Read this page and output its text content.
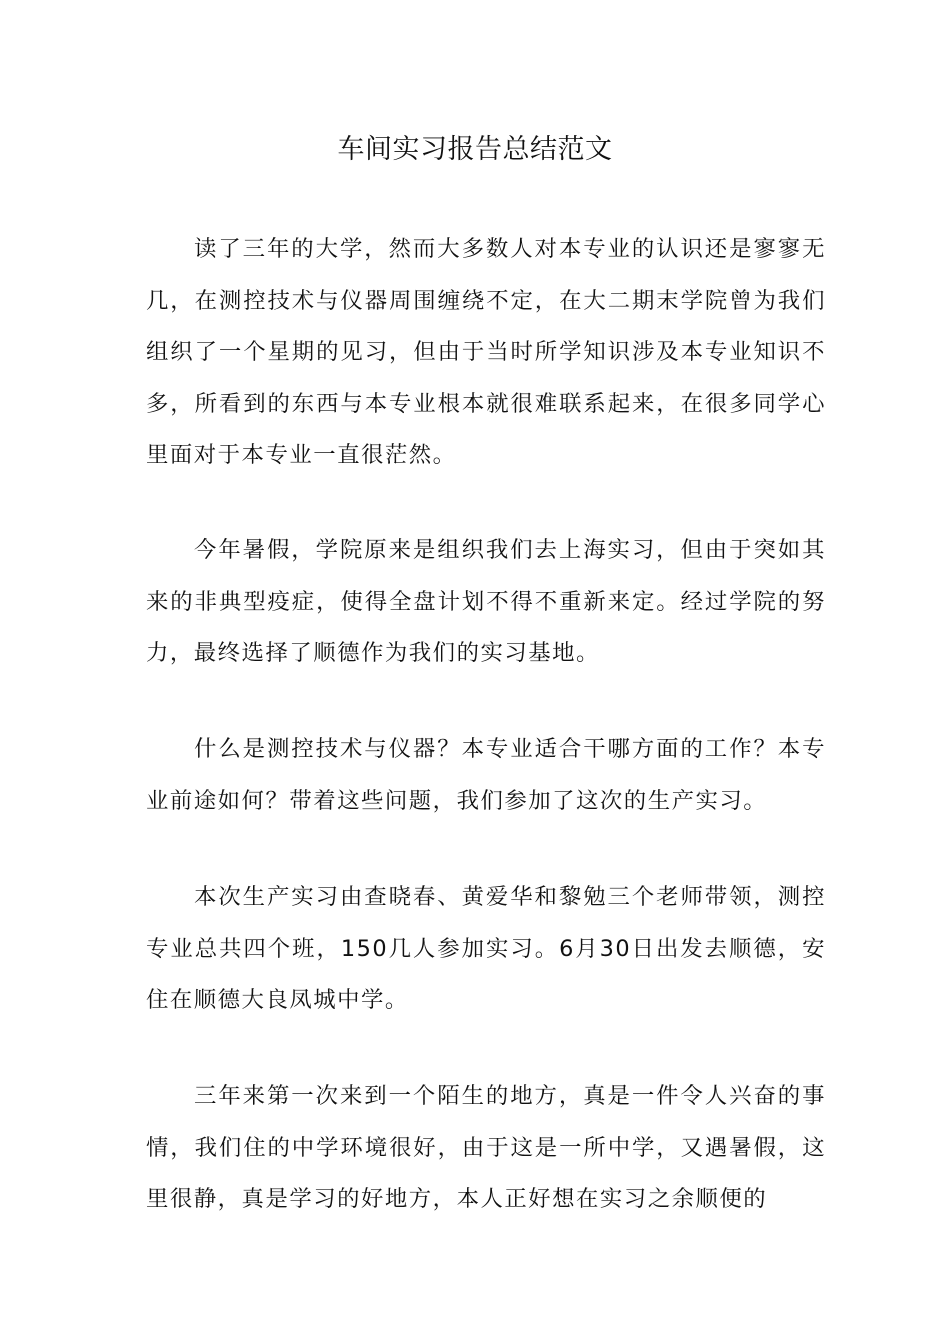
车间实习报告总结范文

读了三年的大学，然而大多数人对本专业的认识还是寥寥无几，在测控技术与仪器周围缠绕不定，在大二期末学院曾为我们组织了一个星期的见习，但由于当时所学知识涉及本专业知识不多，所看到的东西与本专业根本就很难联系起来，在很多同学心里面对于本专业一直很茫然。

今年暑假，学院原来是组织我们去上海实习，但由于突如其来的非典型疫症，使得全盘计划不得不重新来定。经过学院的努力，最终选择了顺德作为我们的实习基地。

什么是测控技术与仪器？本专业适合干哪方面的工作？本专业前途如何？带着这些问题，我们参加了这次的生产实习。

本次生产实习由查晓春、黄爱华和黎勉三个老师带领，测控专业总共四个班，150几人参加实习。6月30日出发去顺德，安住在顺德大良凤城中学。

三年来第一次来到一个陌生的地方，真是一件令人兴奋的事情，我们住的中学环境很好，由于这是一所中学，又遇暑假，这里很静，真是学习的好地方，本人正好想在实习之余顺便的
